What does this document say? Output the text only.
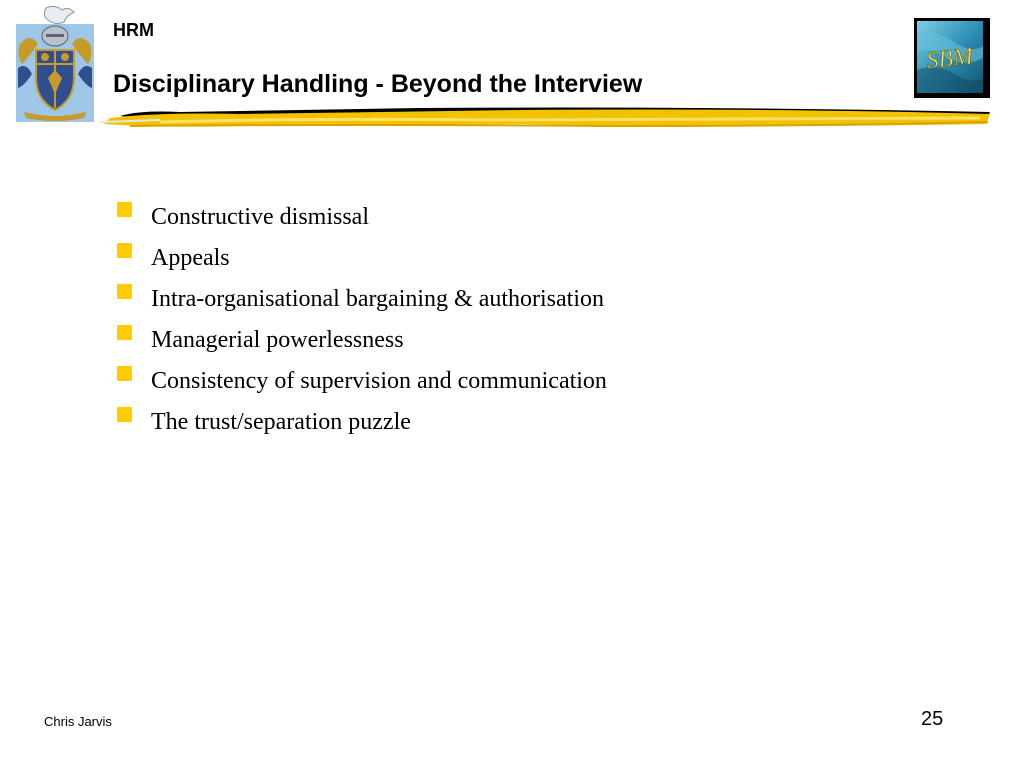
HRM
Disciplinary Handling - Beyond the Interview
SBM
Constructive dismissal
Appeals
Intra-organisational bargaining & authorisation
Managerial powerlessness
Consistency of supervision and communication
The trust/separation puzzle
Chris Jarvis	25
